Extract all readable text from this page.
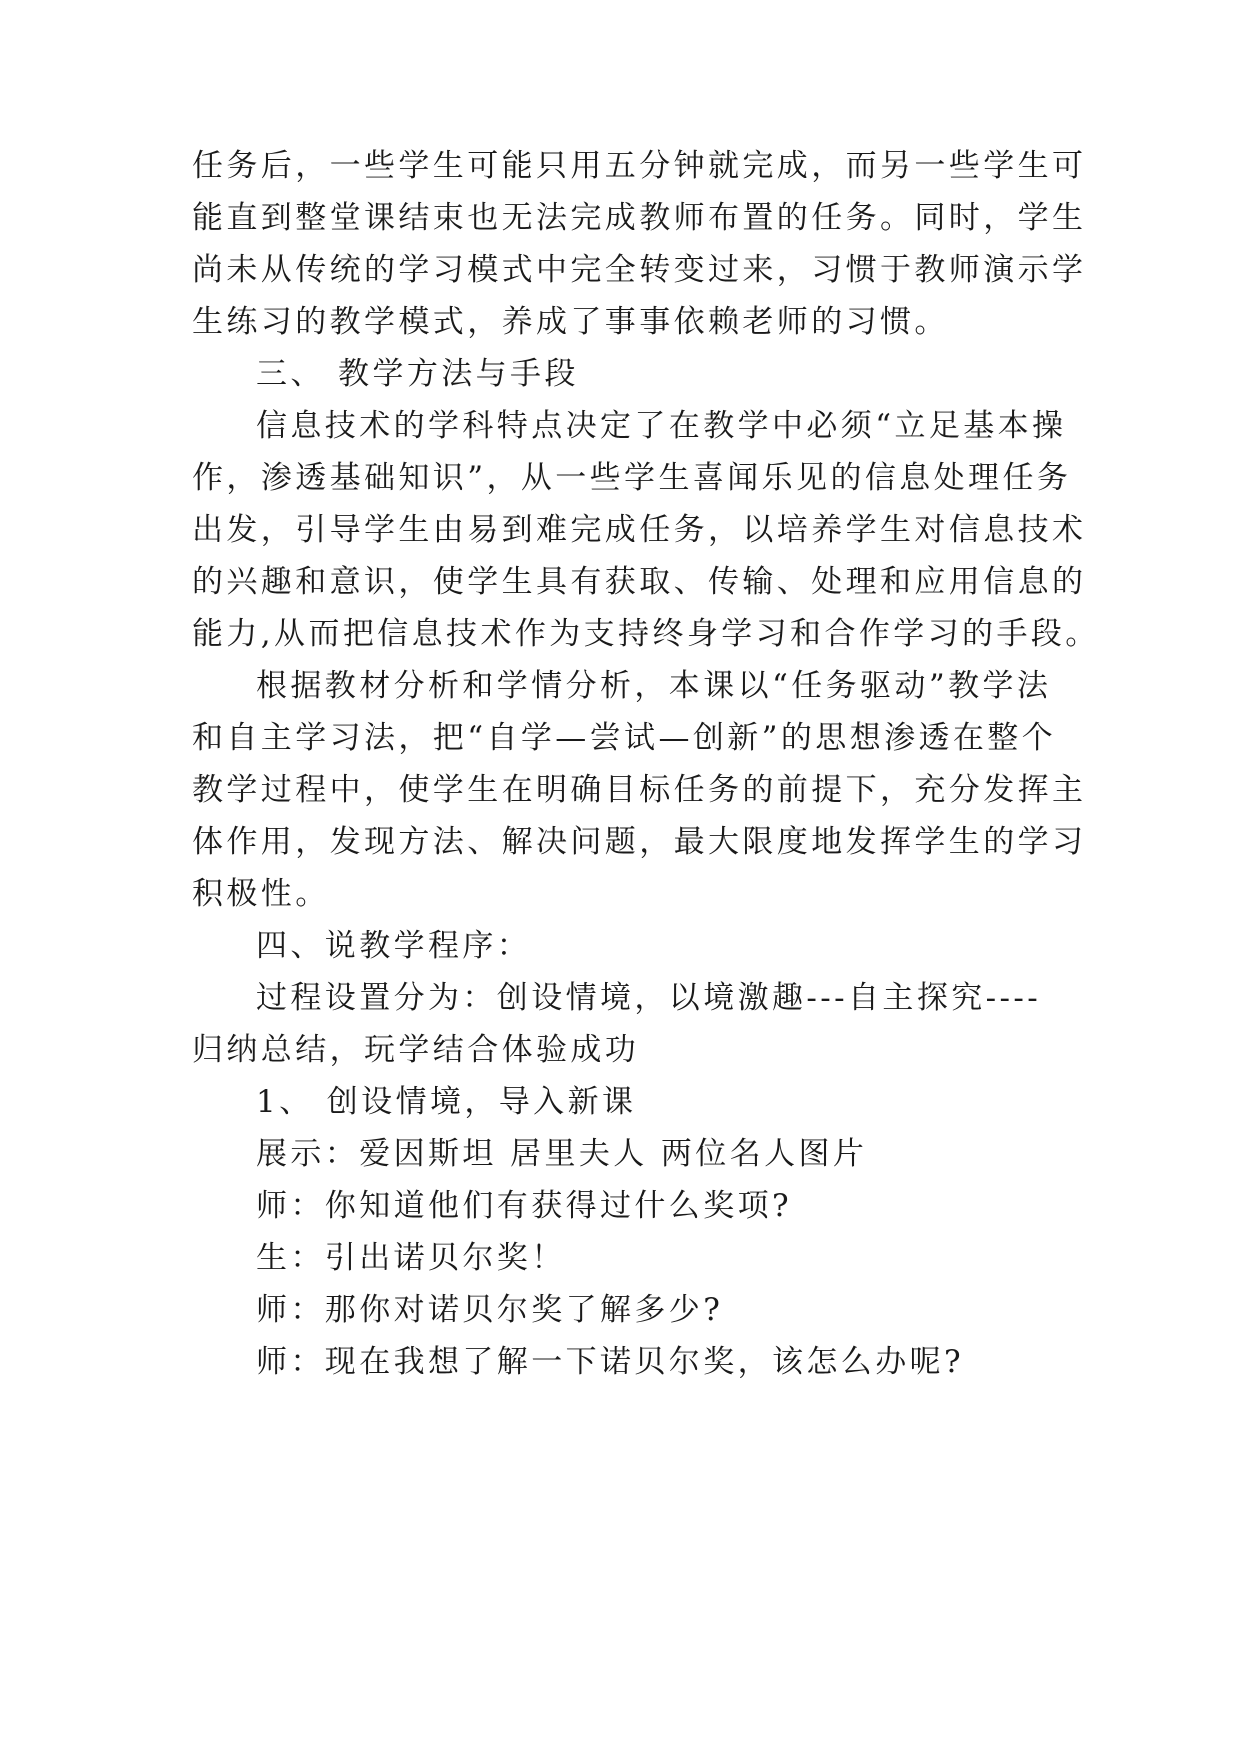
任务后，一些学生可能只用五分钟就完成，而另一些学生可
能直到整堂课结束也无法完成教师布置的任务。同时，学生
尚未从传统的学习模式中完全转变过来，习惯于教师演示学
生练习的教学模式，养成了事事依赖老师的习惯。
三、 教学方法与手段
信息技术的学科特点决定了在教学中必须“立足基本操
作，渗透基础知识”，从一些学生喜闻乐见的信息处理任务
出发，引导学生由易到难完成任务，以培养学生对信息技术
的兴趣和意识，使学生具有获取、传输、处理和应用信息的
能力,从而把信息技术作为支持终身学习和合作学习的手段。
根据教材分析和学情分析，本课以“任务驱动”教学法
和自主学习法，把“自学—尝试—创新”的思想渗透在整个
教学过程中，使学生在明确目标任务的前提下，充分发挥主
体作用，发现方法、解决问题，最大限度地发挥学生的学习
积极性。
四、说教学程序：
过程设置分为：创设情境，以境激趣---自主探究----
归纳总结，玩学结合体验成功
1、 创设情境，导入新课
展示：爱因斯坦 居里夫人 两位名人图片
师：你知道他们有获得过什么奖项?
生：引出诺贝尔奖！
师：那你对诺贝尔奖了解多少?
师：现在我想了解一下诺贝尔奖，该怎么办呢?
